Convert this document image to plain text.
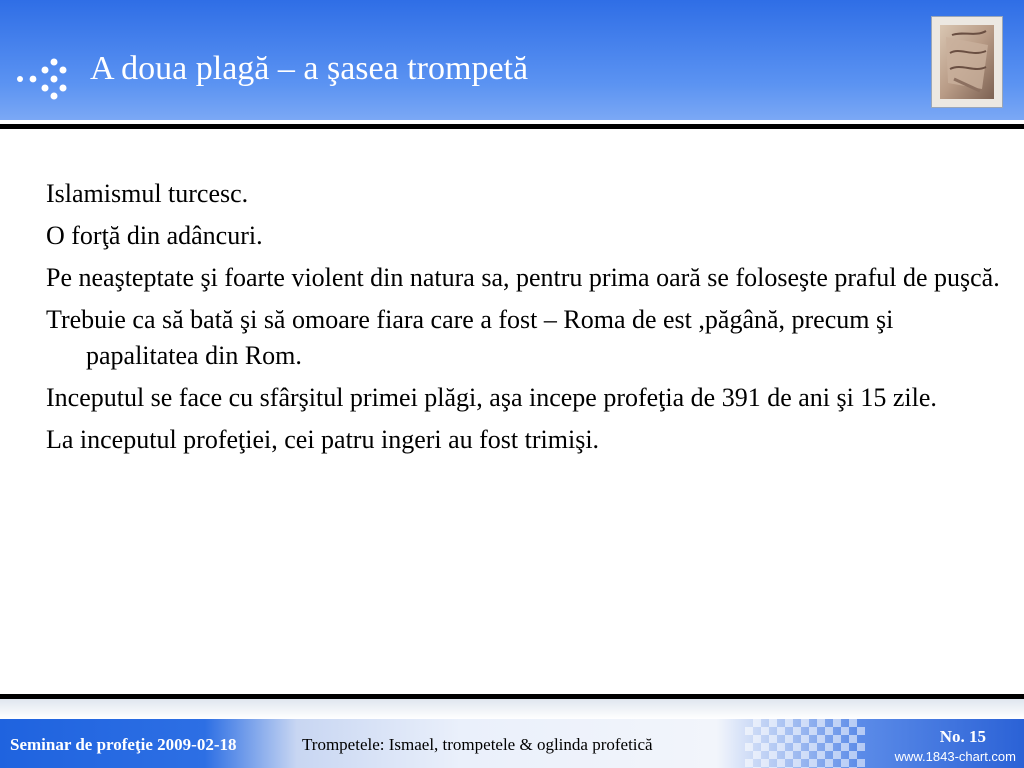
A doua plagă – a şasea trompetă

Islamismul turcesc.

O forţă din adâncuri.

Pe neaşteptate şi foarte violent din natura sa, pentru prima oară se foloseşte praful de puşcă.

Trebuie ca să bată şi să omoare fiara care a fost – Roma de est ,păgână, precum şi papalitatea din Rom.

Inceputul se face cu sfârşitul primei plăgi, aşa incepe profeţia de 391 de ani şi 15 zile.

La inceputul profeţiei, cei patru ingeri au fost trimişi.

Seminar de profeţie 2009-02-18	Trompetele: Ismael, trompetele & oglinda profetică	No. 15
www.1843-chart.com
